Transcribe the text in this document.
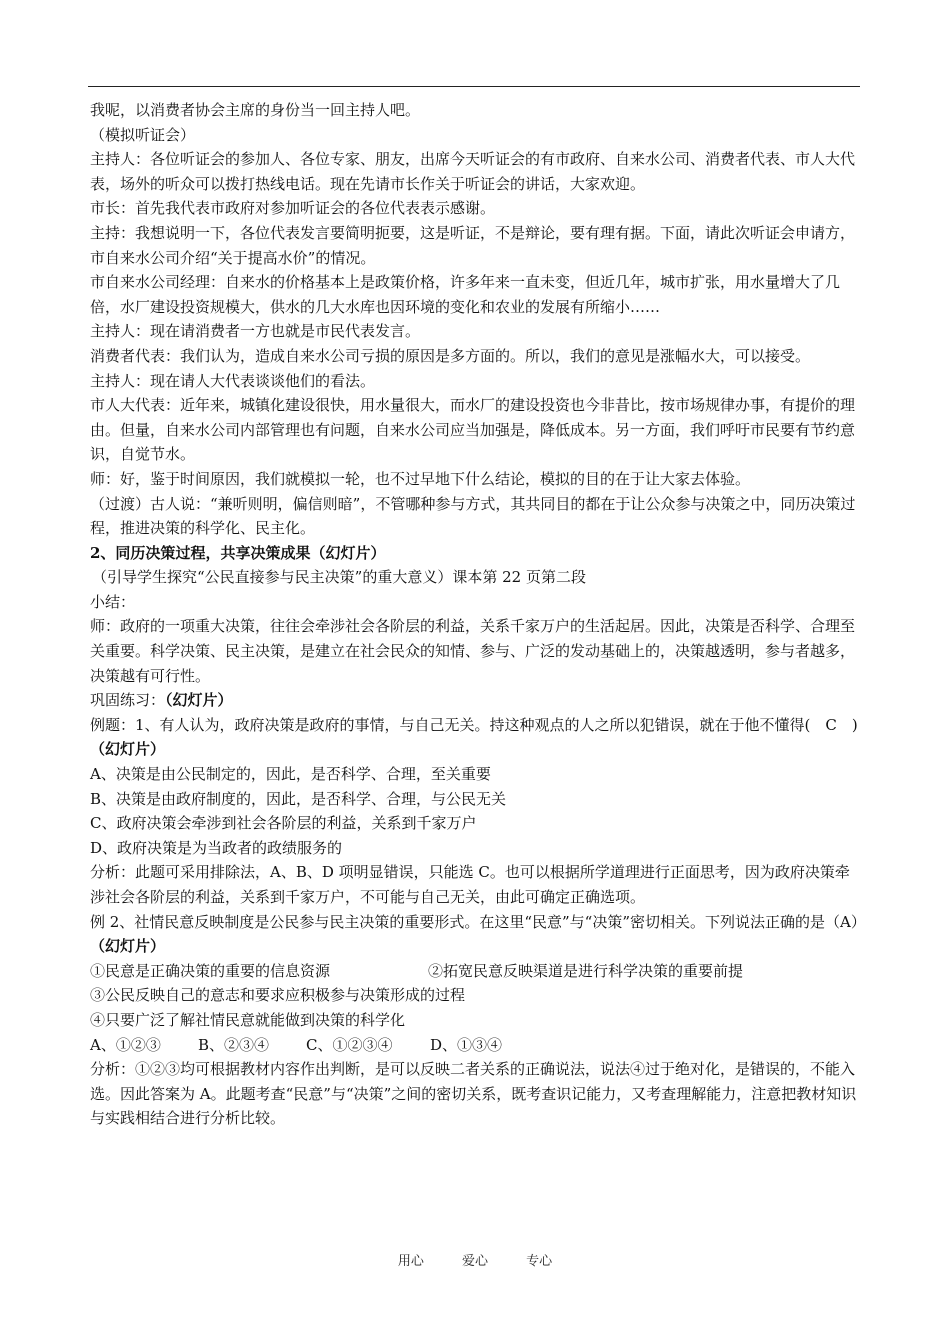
我呢，以消费者协会主席的身份当一回主持人吧。

（模拟听证会）

主持人：各位听证会的参加人、各位专家、朋友，出席今天听证会的有市政府、自来水公司、消费者代表、市人大代表，场外的听众可以拨打热线电话。现在先请市长作关于听证会的讲话，大家欢迎。

市长：首先我代表市政府对参加听证会的各位代表表示感谢。

主持：我想说明一下，各位代表发言要简明扼要，这是听证，不是辩论，要有理有据。下面，请此次听证会申请方，市自来水公司介绍“关于提高水价”的情况。

市自来水公司经理：自来水的价格基本上是政策价格，许多年来一直未变，但近几年，城市扩张，用水量增大了几倍，水厂建设投资规模大，供水的几大水库也因环境的变化和农业的发展有所缩小……

主持人：现在请消费者一方也就是市民代表发言。

消费者代表：我们认为，造成自来水公司亏损的原因是多方面的。所以，我们的意见是涨幅水大，可以接受。

主持人：现在请人大代表谈谈他们的看法。

市人大代表：近年来，城镇化建设很快，用水量很大，而水厂的建设投资也今非昔比，按市场规律办事，有提价的理由。但量，自来水公司内部管理也有问题，自来水公司应当加强是，降低成本。另一方面，我们呼吁市民要有节约意识，自觉节水。

师：好，鉴于时间原因，我们就模拟一轮，也不过早地下什么结论，模拟的目的在于让大家去体验。

（过渡）古人说：“兼听则明，偏信则暗”，不管哪种参与方式，其共同目的都在于让公众参与决策之中，同历决策过程，推进决策的科学化、民主化。

2、同历决策过程，共享决策成果（幻灯片）

（引导学生探究“公民直接参与民主决策”的重大意义）课本第 22 页第二段

小结：

师：政府的一项重大决策，往往会牵涉社会各阶层的利益，关系千家万户的生活起居。因此，决策是否科学、合理至关重要。科学决策、民主决策，是建立在社会民众的知情、参与、广泛的发动基础上的，决策越透明，参与者越多，决策越有可行性。

巩固练习：（幻灯片）

例题：1、有人认为，政府决策是政府的事情，与自己无关。持这种观点的人之所以犯错误，就在于他不懂得(　C　)（幻灯片）

A、决策是由公民制定的，因此，是否科学、合理，至关重要

B、决策是由政府制度的，因此，是否科学、合理，与公民无关

C、政府决策会牵涉到社会各阶层的利益，关系到千家万户

D、政府决策是为当政者的政绩服务的

分析：此题可采用排除法，A、B、D 项明显错误，只能选 C。也可以根据所学道理进行正面思考，因为政府决策牵涉社会各阶层的利益，关系到千家万户，不可能与自己无关，由此可确定正确选项。

例 2、社情民意反映制度是公民参与民主决策的重要形式。在这里“民意”与“决策”密切相关。下列说法正确的是（A）（幻灯片）

①民意是正确决策的重要的信息资源	②拓宽民意反映渠道是进行科学决策的重要前提

③公民反映自己的意志和要求应积极参与决策形成的过程

④只要广泛了解社情民意就能做到决策的科学化

A、①②③ B、②③④ C、①②③④	D、①③④

分析：①②③均可根据教材内容作出判断，是可以反映二者关系的正确说法，说法④过于绝对化，是错误的，不能入选。因此答案为 A。此题考查“民意”与“决策”之间的密切关系，既考查识记能力，又考查理解能力，注意把教材知识与实践相结合进行分析比较。

用心	爱心	专心
